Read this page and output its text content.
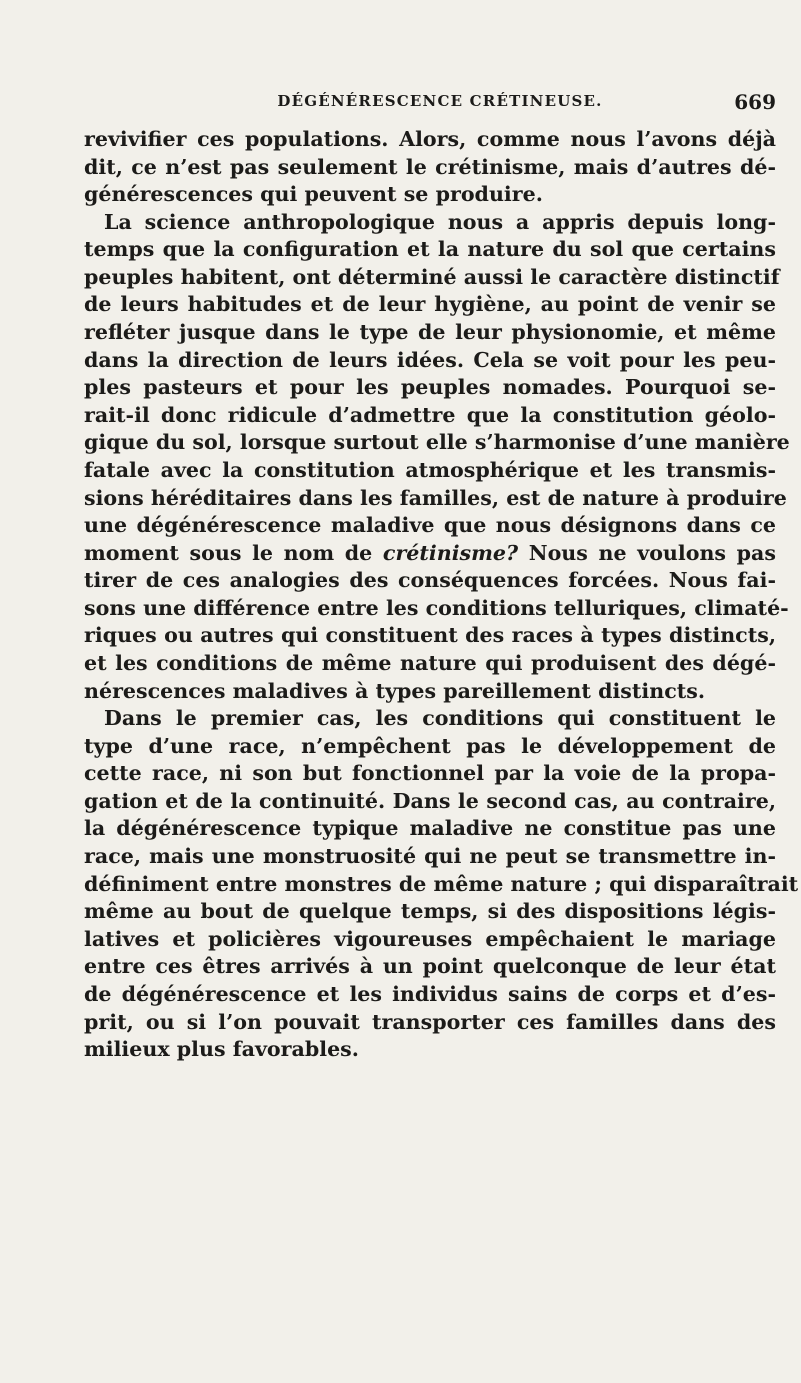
DÉGÉNÉRESCENCE CRÉTINEUSE.	669
revivifier ces populations. Alors, comme nous l’avons déjà
dit, ce n’est pas seulement le crétinisme, mais d’autres dé-
générescences qui peuvent se produire.
La science anthropologique nous a appris depuis long-
temps que la configuration et la nature du sol que certains
peuples habitent, ont déterminé aussi le caractère distinctif
de leurs habitudes et de leur hygiène, au point de venir se
refléter jusque dans le type de leur physionomie, et même
dans la direction de leurs idées. Cela se voit pour les peu-
ples pasteurs et pour les peuples nomades. Pourquoi se-
rait-il donc ridicule d’admettre que la constitution géolo-
gique du sol, lorsque surtout elle s’harmonise d’une manière
fatale avec la constitution atmosphérique et les transmis-
sions héréditaires dans les familles, est de nature à produire
une dégénérescence maladive que nous désignons dans ce
moment sous le nom de crétinisme? Nous ne voulons pas
tirer de ces analogies des conséquences forcées. Nous fai-
sons une différence entre les conditions telluriques, climaté-
riques ou autres qui constituent des races à types distincts,
et les conditions de même nature qui produisent des dégé-
nérescences maladives à types pareillement distincts.
Dans le premier cas, les conditions qui constituent le
type d’une race, n’empêchent pas le développement de
cette race, ni son but fonctionnel par la voie de la propa-
gation et de la continuité. Dans le second cas, au contraire,
la dégénérescence typique maladive ne constitue pas une
race, mais une monstruosité qui ne peut se transmettre in-
définiment entre monstres de même nature ; qui disparaîtrait
même au bout de quelque temps, si des dispositions légis-
latives et policières vigoureuses empêchaient le mariage
entre ces êtres arrivés à un point quelconque de leur état
de dégénérescence et les individus sains de corps et d’es-
prit, ou si l’on pouvait transporter ces familles dans des
milieux plus favorables.
